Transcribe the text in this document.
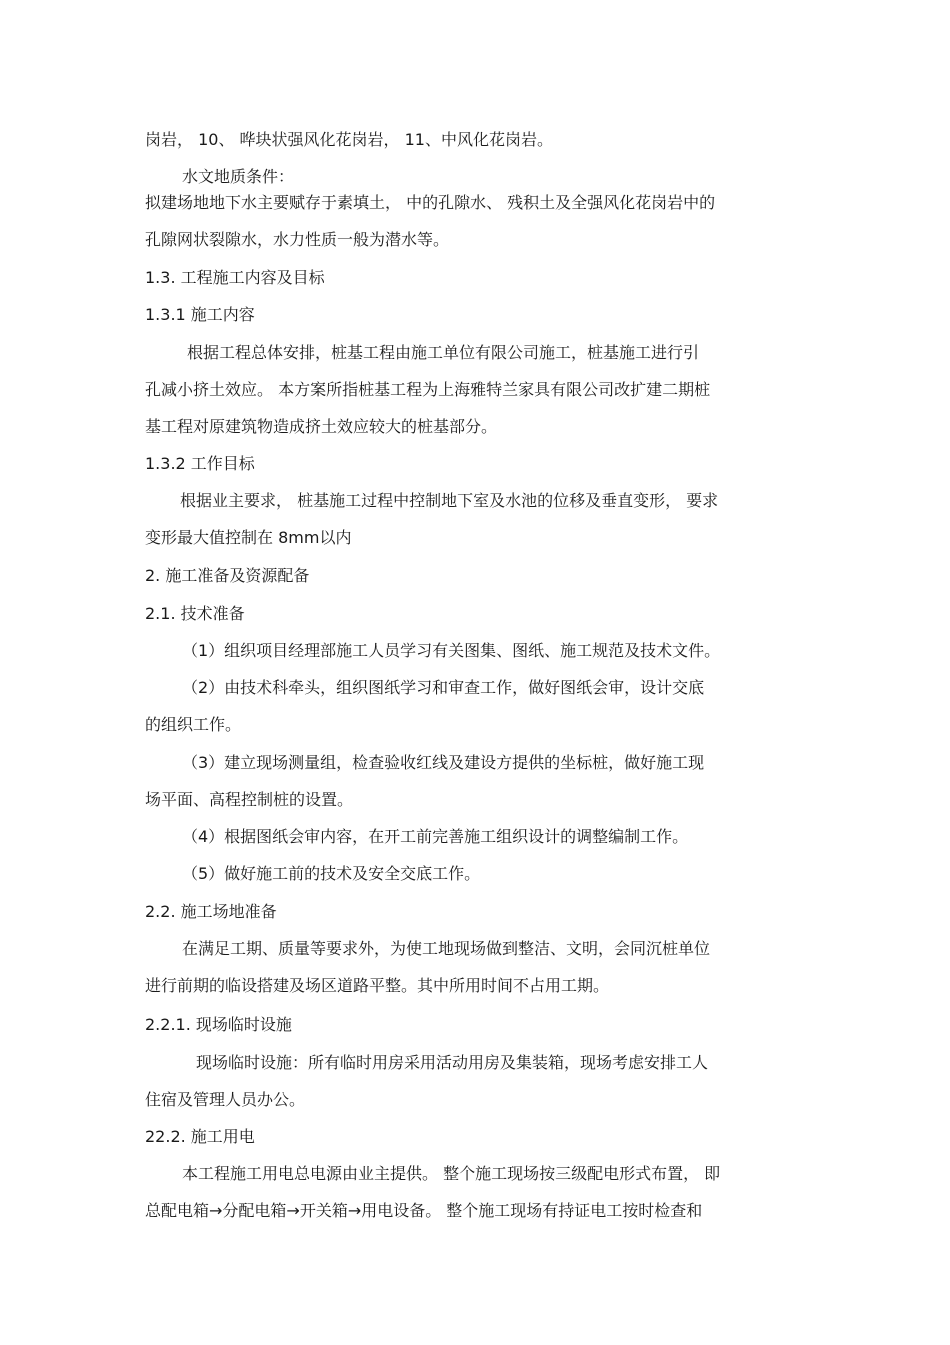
岗岩， 10、 哗块状强风化花岗岩， 11、中风化花岗岩。
水文地质条件：
拟建场地地下水主要赋存于素填土， 中的孔隙水、 残积土及全强风化花岗岩中的
孔隙网状裂隙水，水力性质一般为潜水等。
1.3. 工程施工内容及目标
1.3.1 施工内容
根据工程总体安排，桩基工程由施工单位有限公司施工，桩基施工进行引
孔减小挤土效应。 本方案所指桩基工程为上海雅特兰家具有限公司改扩建二期桩
基工程对原建筑物造成挤土效应较大的桩基部分。
1.3.2 工作目标
根据业主要求， 桩基施工过程中控制地下室及水池的位移及垂直变形， 要求
变形最大值控制在 8mm以内
2. 施工准备及资源配备
2.1. 技术准备
（1）组织项目经理部施工人员学习有关图集、图纸、施工规范及技术文件。
（2）由技术科牵头，组织图纸学习和审查工作，做好图纸会审，设计交底
的组织工作。
（3）建立现场测量组，检查验收红线及建设方提供的坐标桩，做好施工现
场平面、高程控制桩的设置。
（4）根据图纸会审内容，在开工前完善施工组织设计的调整编制工作。
（5）做好施工前的技术及安全交底工作。
2.2. 施工场地准备
在满足工期、质量等要求外，为使工地现场做到整洁、文明，会同沉桩单位
进行前期的临设搭建及场区道路平整。其中所用时间不占用工期。
2.2.1. 现场临时设施
现场临时设施：所有临时用房采用活动用房及集装箱，现场考虑安排工人
住宿及管理人员办公。
22.2. 施工用电
本工程施工用电总电源由业主提供。 整个施工现场按三级配电形式布置， 即
总配电箱→分配电箱→开关箱→用电设备。 整个施工现场有持证电工按时检查和
